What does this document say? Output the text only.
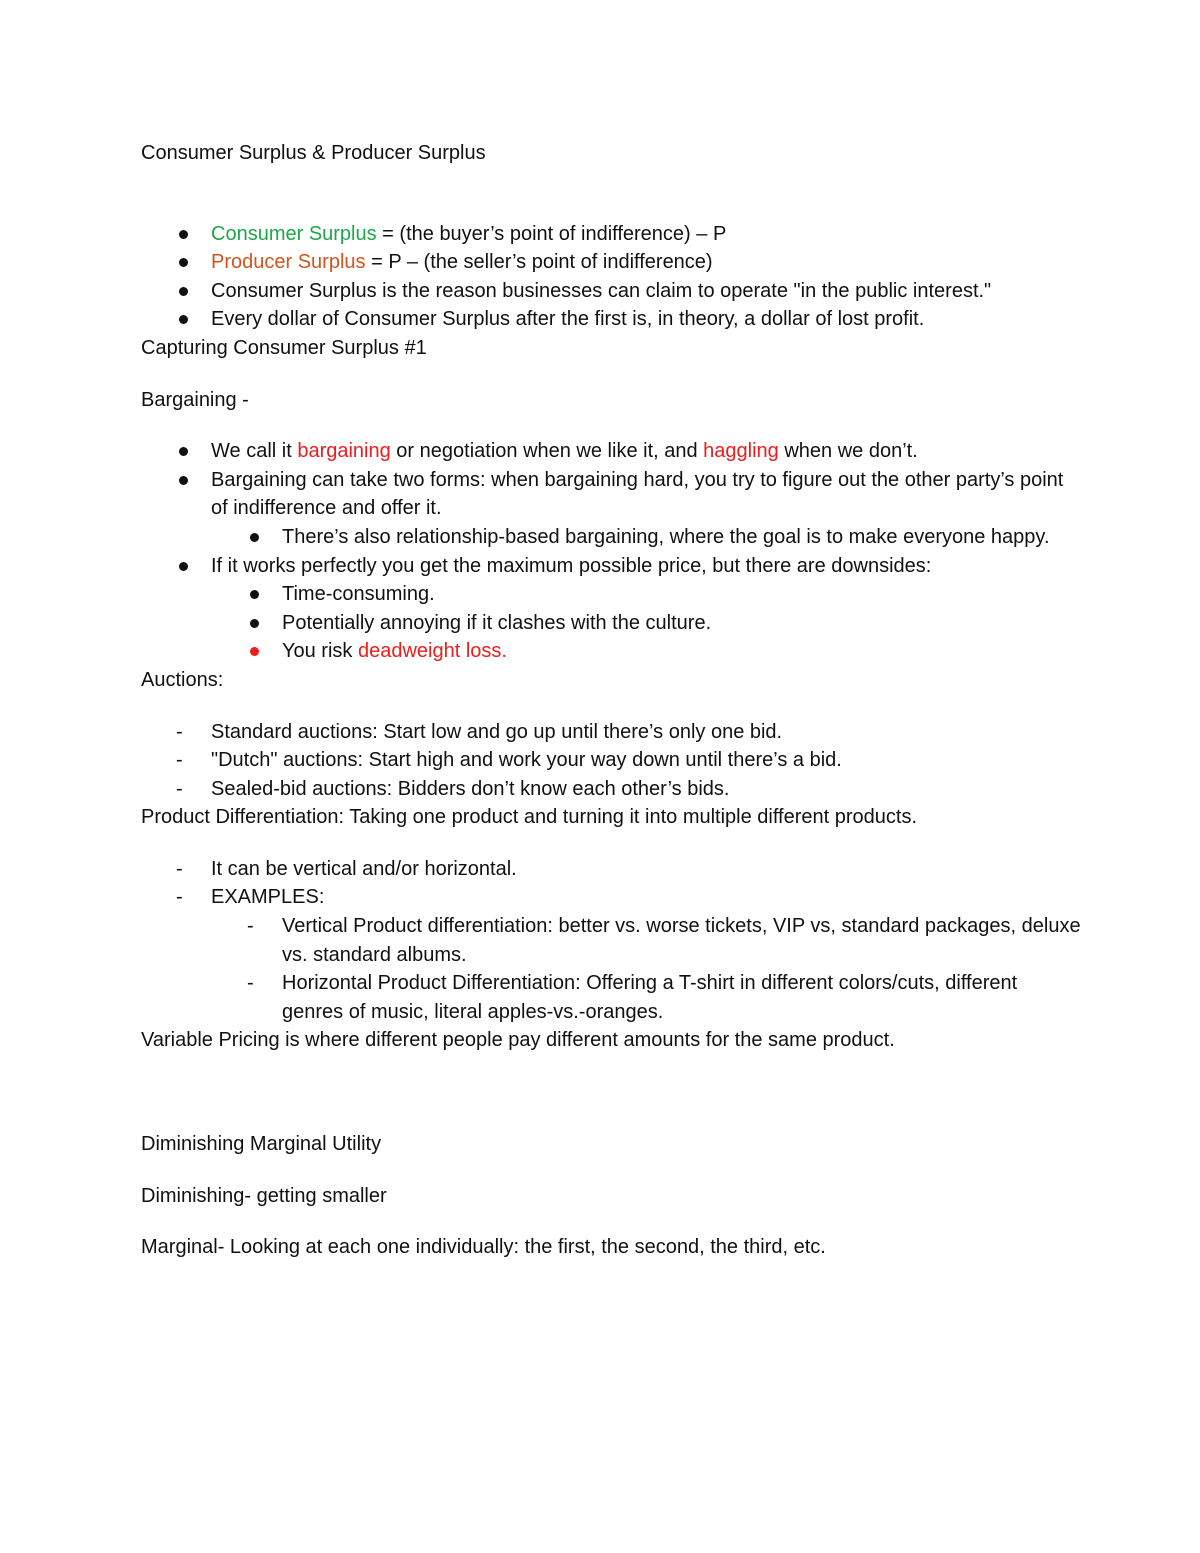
Consumer Surplus & Producer Surplus

Consumer Surplus = (the buyer’s point of indifference) – P
Producer Surplus = P – (the seller’s point of indifference)
Consumer Surplus is the reason businesses can claim to operate "in the public interest."
Every dollar of Consumer Surplus after the first is, in theory, a dollar of lost profit.

Capturing Consumer Surplus #1

Bargaining -

We call it bargaining or negotiation when we like it, and haggling when we don’t.
Bargaining can take two forms: when bargaining hard, you try to figure out the other party’s point of indifference and offer it.
There’s also relationship-based bargaining, where the goal is to make everyone happy.
If it works perfectly you get the maximum possible price, but there are downsides:
Time-consuming.
Potentially annoying if it clashes with the culture.
You risk deadweight loss.

Auctions:

- Standard auctions: Start low and go up until there’s only one bid.
- "Dutch" auctions: Start high and work your way down until there’s a bid.
- Sealed-bid auctions: Bidders don’t know each other’s bids.

Product Differentiation: Taking one product and turning it into multiple different products.

- It can be vertical and/or horizontal.
- EXAMPLES:
- Vertical Product differentiation: better vs. worse tickets, VIP vs, standard packages, deluxe vs. standard albums.
- Horizontal Product Differentiation: Offering a T-shirt in different colors/cuts, different genres of music, literal apples-vs.-oranges.

Variable Pricing is where different people pay different amounts for the same product.

Diminishing Marginal Utility

Diminishing- getting smaller

Marginal- Looking at each one individually: the first, the second, the third, etc.
